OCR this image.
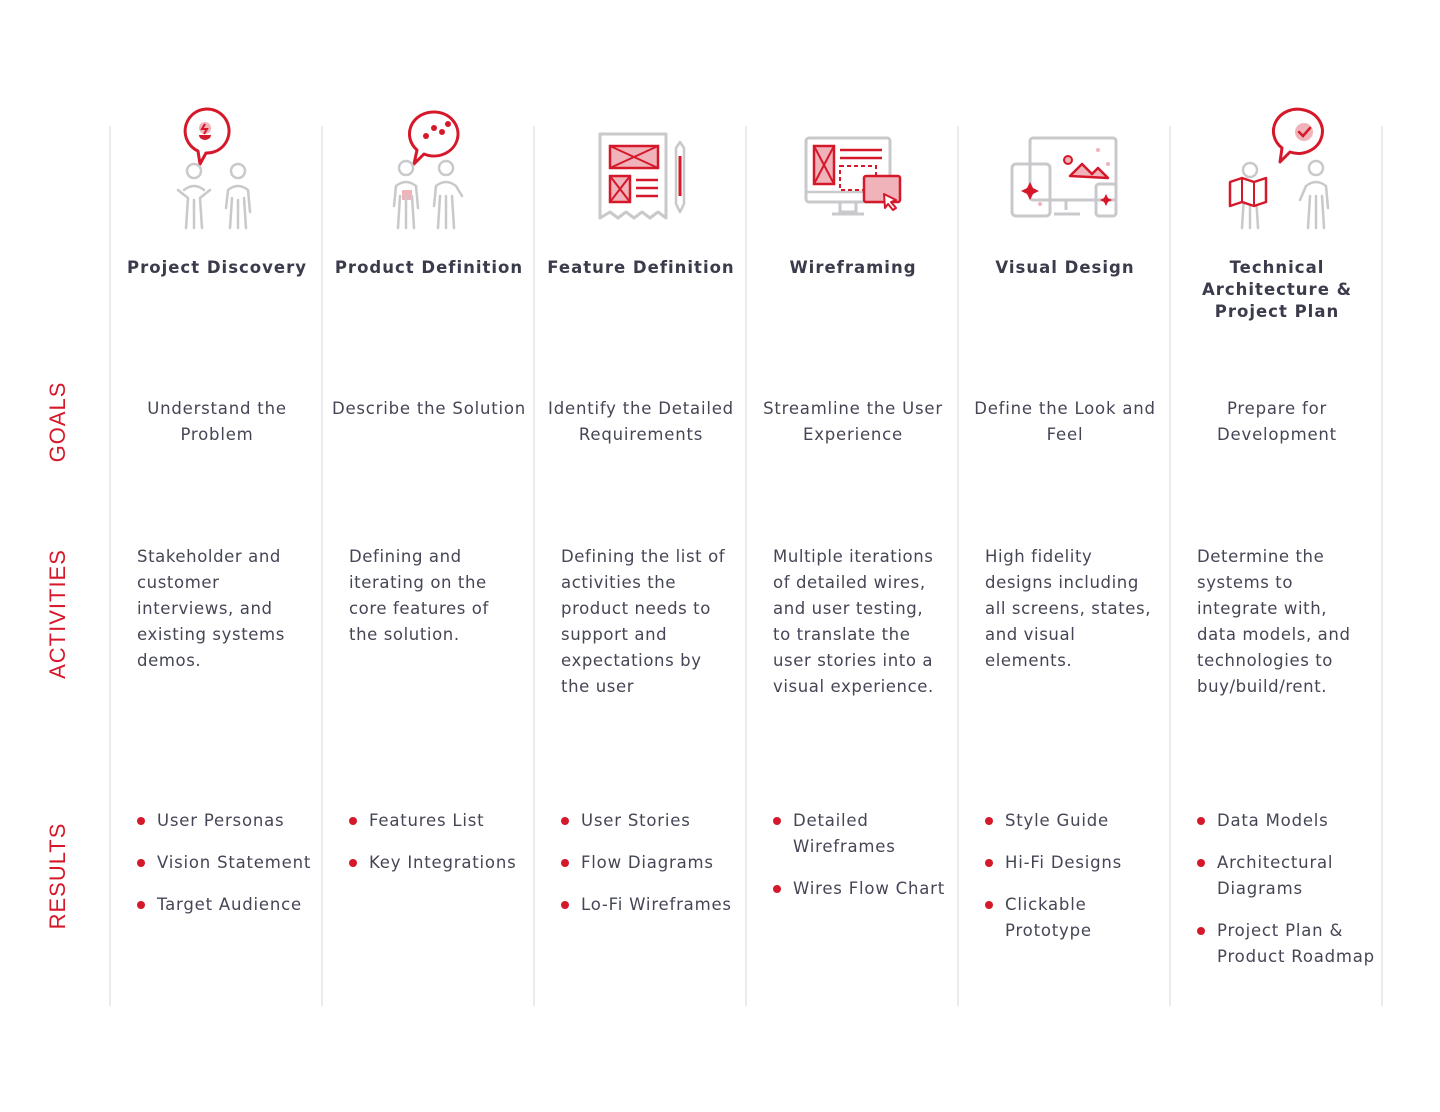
GOALS
ACTIVITIES
RESULTS
Project Discovery
Understand the Problem
Stakeholder and customer interviews, and existing systems demos.
User Personas
Vision Statement
Target Audience
Product Definition
Describe the Solution
Defining and iterating on the core features of the solution.
Features List
Key Integrations
Feature Definition
Identify the Detailed Requirements
Defining the list of activities the product needs to support and expectations by the user
User Stories
Flow Diagrams
Lo-Fi Wireframes
Wireframing
Streamline the User Experience
Multiple iterations of detailed wires, and user testing, to translate the user stories into a visual experience.
Detailed Wireframes
Wires Flow Chart
Visual Design
Define the Look and Feel
High fidelity designs including all screens, states, and visual elements.
Style Guide
Hi-Fi Designs
Clickable Prototype
Technical Architecture & Project Plan
Prepare for Development
Determine the systems to integrate with, data models, and technologies to buy/build/rent.
Data Models
Architectural Diagrams
Project Plan & Product Roadmap
